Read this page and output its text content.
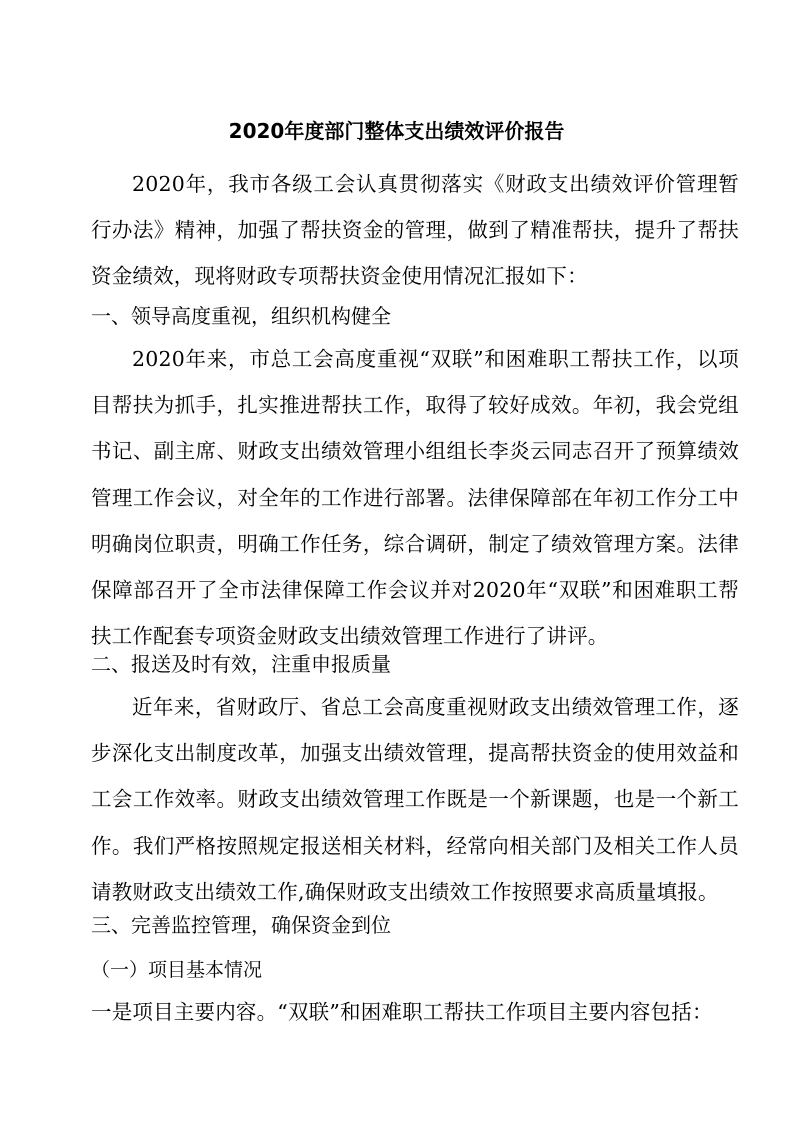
2020年度部门整体支出绩效评价报告

2020年，我市各级工会认真贯彻落实《财政支出绩效评价管理暂行办法》精神，加强了帮扶资金的管理，做到了精准帮扶，提升了帮扶资金绩效，现将财政专项帮扶资金使用情况汇报如下：

一、领导高度重视，组织机构健全

2020年来，市总工会高度重视“双联”和困难职工帮扶工作，以项目帮扶为抓手，扎实推进帮扶工作，取得了较好成效。年初，我会党组书记、副主席、财政支出绩效管理小组组长李炎云同志召开了预算绩效管理工作会议，对全年的工作进行部署。法律保障部在年初工作分工中明确岗位职责，明确工作任务，综合调研，制定了绩效管理方案。法律保障部召开了全市法律保障工作会议并对2020年“双联”和困难职工帮扶工作配套专项资金财政支出绩效管理工作进行了讲评。

二、报送及时有效，注重申报质量

近年来，省财政厅、省总工会高度重视财政支出绩效管理工作，逐步深化支出制度改革，加强支出绩效管理，提高帮扶资金的使用效益和工会工作效率。财政支出绩效管理工作既是一个新课题，也是一个新工作。我们严格按照规定报送相关材料，经常向相关部门及相关工作人员请教财政支出绩效工作,确保财政支出绩效工作按照要求高质量填报。

三、完善监控管理，确保资金到位

（一）项目基本情况

一是项目主要内容。“双联”和困难职工帮扶工作项目主要内容包括：
